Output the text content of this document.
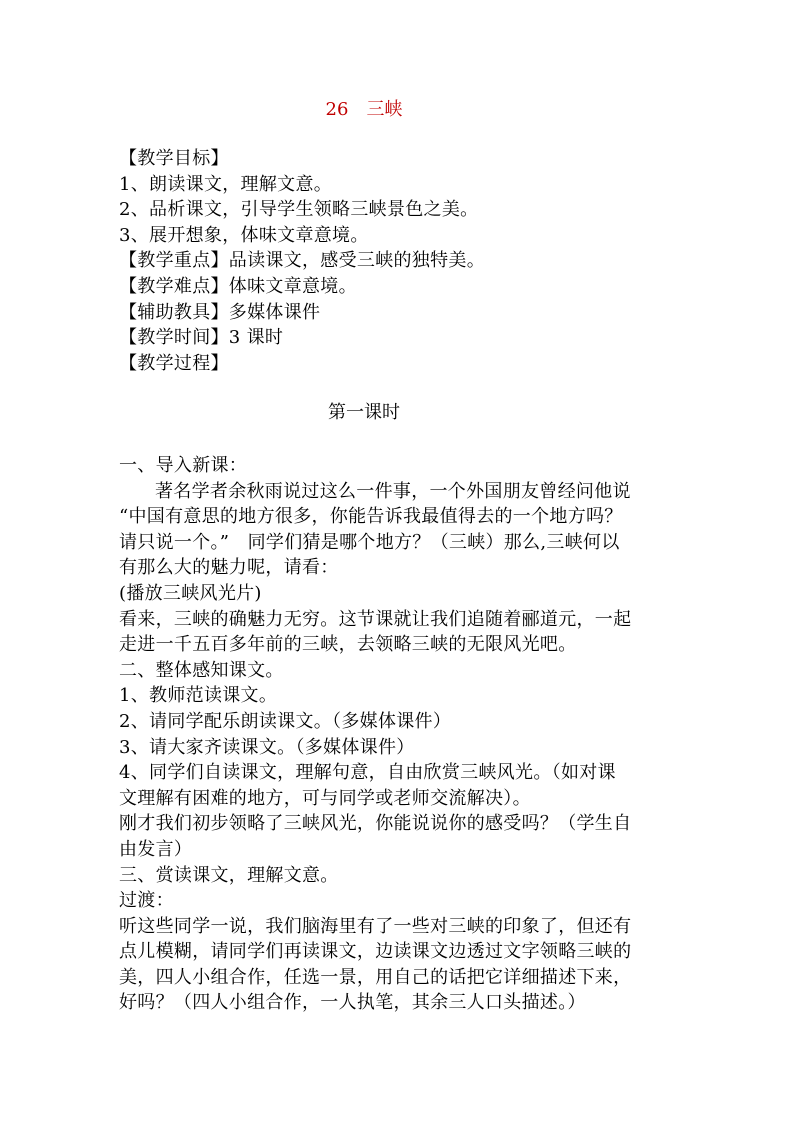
26　三峡
【教学目标】
1、朗读课文，理解文意。
2、品析课文，引导学生领略三峡景色之美。
3、展开想象，体味文章意境。
【教学重点】品读课文，感受三峡的独特美。
【教学难点】体味文章意境。
【辅助教具】多媒体课件
【教学时间】3 课时
【教学过程】
第一课时
一、导入新课：
著名学者余秋雨说过这么一件事，一个外国朋友曾经问他说
“中国有意思的地方很多，你能告诉我最值得去的一个地方吗？
请只说一个。”　同学们猜是哪个地方？（三峡）那么,三峡何以
有那么大的魅力呢，请看：
(播放三峡风光片)
看来，三峡的确魅力无穷。这节课就让我们追随着郦道元，一起
走进一千五百多年前的三峡，去领略三峡的无限风光吧。
二、整体感知课文。
1、教师范读课文。
2、请同学配乐朗读课文。（多媒体课件）
3、请大家齐读课文。（多媒体课件）
4、同学们自读课文，理解句意，自由欣赏三峡风光。（如对课
文理解有困难的地方，可与同学或老师交流解决）。
刚才我们初步领略了三峡风光，你能说说你的感受吗？（学生自
由发言）
三、赏读课文，理解文意。
过渡：
听这些同学一说，我们脑海里有了一些对三峡的印象了，但还有
点儿模糊，请同学们再读课文，边读课文边透过文字领略三峡的
美，四人小组合作，任选一景，用自己的话把它详细描述下来，
好吗？（四人小组合作，一人执笔，其余三人口头描述。）
